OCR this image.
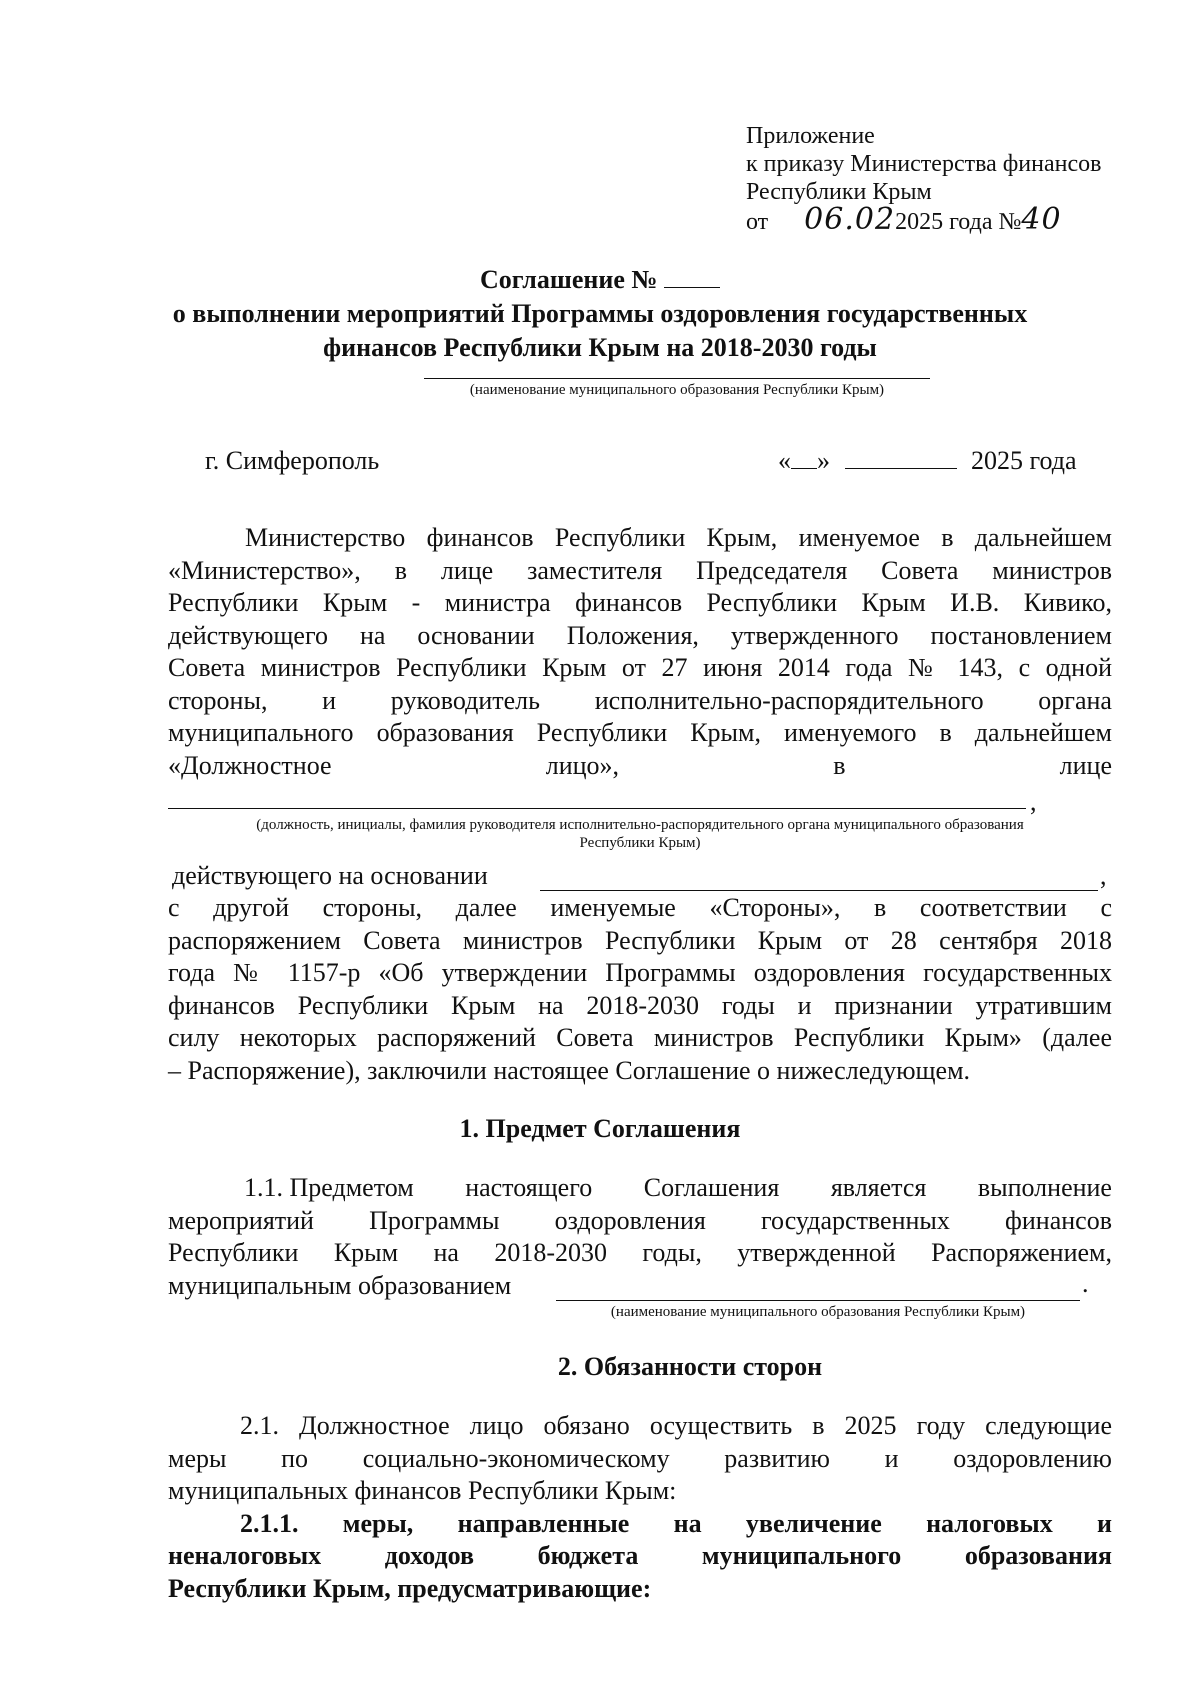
Приложение
к приказу Министерства финансов
Республики Крым
от 06.022025 года №40
Соглашение №
о выполнении мероприятий Программы оздоровления государственных
финансов Республики Крым на 2018-2030 годы
(наименование муниципального образования Республики Крым)
г. Симферополь	« »	2025 года
Министерство финансов Республики Крым, именуемое в дальнейшем
«Министерство», в лице заместителя Председателя Совета министров
Республики Крым - министра финансов Республики Крым И.В. Кивико,
действующего на основании Положения, утвержденного постановлением
Совета министров Республики Крым от 27 июня 2014 года № 143, с одной
стороны, и руководитель исполнительно-распорядительного органа
муниципального образования Республики Крым, именуемого в дальнейшем
«Должностное	лицо»,	в	лице
,
(должность, инициалы, фамилия руководителя исполнительно-распорядительного органа муниципального образования
Республики Крым)
действующего на основании	,
с другой стороны, далее именуемые «Стороны», в соответствии с
распоряжением Совета министров Республики Крым от 28 сентября 2018
года № 1157-р «Об утверждении Программы оздоровления государственных
финансов Республики Крым на 2018-2030 годы и признании утратившим
силу некоторых распоряжений Совета министров Республики Крым» (далее
– Распоряжение), заключили настоящее Соглашение о нижеследующем.
1. Предмет Соглашения
1.1. Предметом настоящего Соглашения является выполнение
мероприятий Программы оздоровления государственных финансов
Республики Крым на 2018-2030 годы, утвержденной Распоряжением,
муниципальным образованием	.
(наименование муниципального образования Республики Крым)
2. Обязанности сторон
2.1. Должностное лицо обязано осуществить в 2025 году следующие
меры по социально-экономическому развитию и оздоровлению
муниципальных финансов Республики Крым:
2.1.1. меры, направленные на увеличение налоговых и
неналоговых доходов бюджета муниципального образования
Республики Крым, предусматривающие:
